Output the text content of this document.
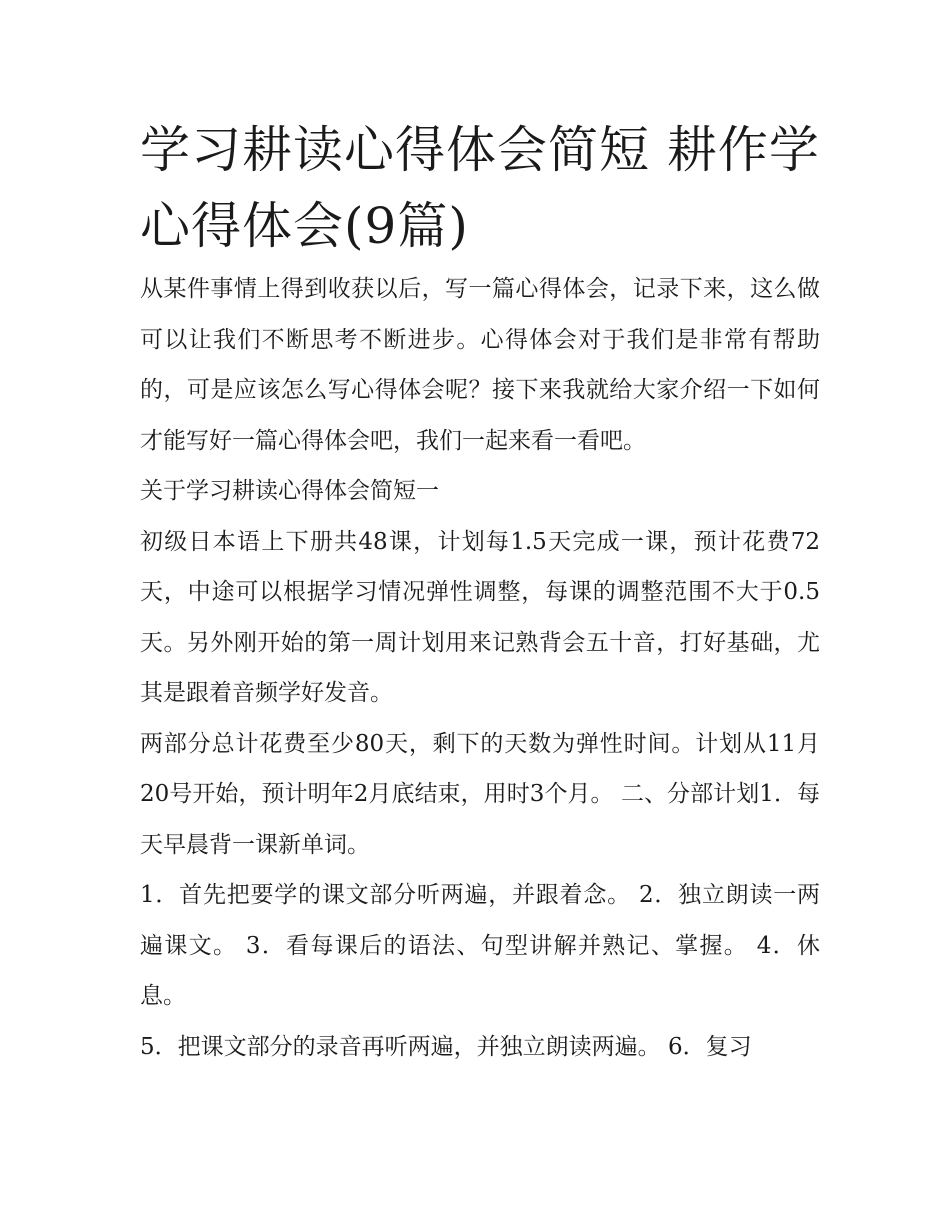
学习耕读心得体会简短 耕作学心得体会(9篇)

从某件事情上得到收获以后，写一篇心得体会，记录下来，这么做可以让我们不断思考不断进步。心得体会对于我们是非常有帮助的，可是应该怎么写心得体会呢？接下来我就给大家介绍一下如何才能写好一篇心得体会吧，我们一起来看一看吧。

关于学习耕读心得体会简短一

初级日本语上下册共48课，计划每1.5天完成一课，预计花费72天，中途可以根据学习情况弹性调整，每课的调整范围不大于0.5天。另外刚开始的第一周计划用来记熟背会五十音，打好基础，尤其是跟着音频学好发音。

两部分总计花费至少80天，剩下的天数为弹性时间。计划从11月20号开始，预计明年2月底结束，用时3个月。 二、分部计划1．每天早晨背一课新单词。

1．首先把要学的课文部分听两遍，并跟着念。 2．独立朗读一两遍课文。 3．看每课后的语法、句型讲解并熟记、掌握。 4．休息。

5．把课文部分的录音再听两遍，并独立朗读两遍。 6．复习
